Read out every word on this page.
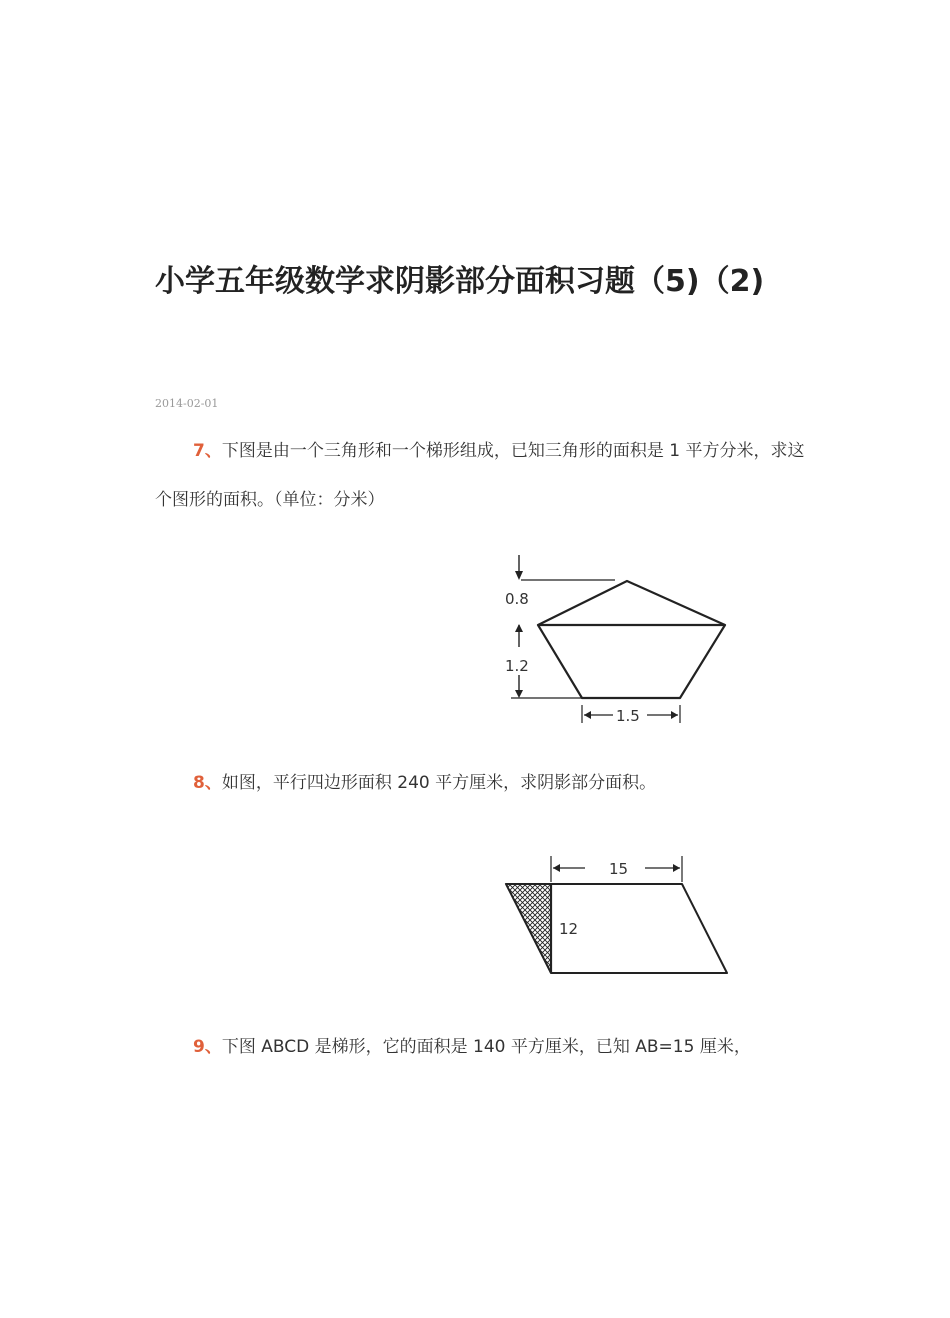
小学五年级数学求阴影部分面积习题（5)（2)
2014-02-01

7、下图是由一个三角形和一个梯形组成，已知三角形的面积是 1 平方分米，求这个图形的面积。（单位：分米）

0.8
1.2
1.5

8、如图，平行四边形面积 240 平方厘米，求阴影部分面积。

15
12

9、下图 ABCD 是梯形，它的面积是 140 平方厘米，已知 AB=15 厘米，
